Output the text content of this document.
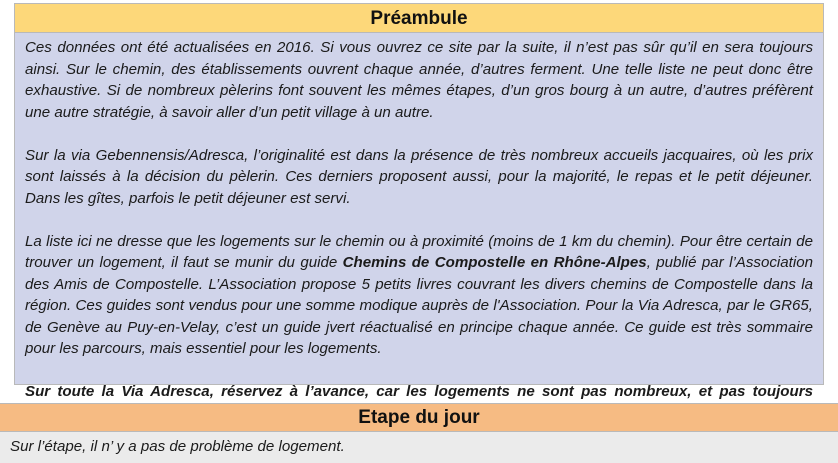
Préambule

Ces données ont été actualisées en 2016. Si vous ouvrez ce site par la suite, il n’est pas sûr qu’il en sera toujours ainsi. Sur le chemin, des établissements ouvrent chaque année, d’autres ferment. Une telle liste ne peut donc être exhaustive. Si de nombreux pèlerins font souvent les mêmes étapes, d’un gros bourg à un autre, d’autres préfèrent une autre stratégie, à savoir aller d’un petit village à un autre.

Sur la via Gebennensis/Adresca, l’originalité est dans la présence de très nombreux accueils jacquaires, où les prix sont laissés à la décision du pèlerin. Ces derniers proposent aussi, pour la majorité, le repas et le petit déjeuner. Dans les gîtes, parfois le petit déjeuner est servi.

La liste ici ne dresse que les logements sur le chemin ou à proximité (moins de 1 km du chemin). Pour être certain de trouver un logement, il faut se munir du guide Chemins de Compostelle en Rhône-Alpes, publié par l’Association des Amis de Compostelle. L’Association propose 5 petits livres couvrant les divers chemins de Compostelle dans la région. Ces guides sont vendus pour une somme modique auprès de l'Association. Pour la Via Adresca, par le GR65, de Genève au Puy-en-Velay, c’est un guide jvert réactualisé en principe chaque année. Ce guide est très sommaire pour les parcours, mais essentiel pour les logements.

Sur toute la Via Adresca, réservez à l’avance, car les logements ne sont pas nombreux, et pas toujours

Etape du jour
Sur l’étape, il n’ y a pas de problème de logement.
